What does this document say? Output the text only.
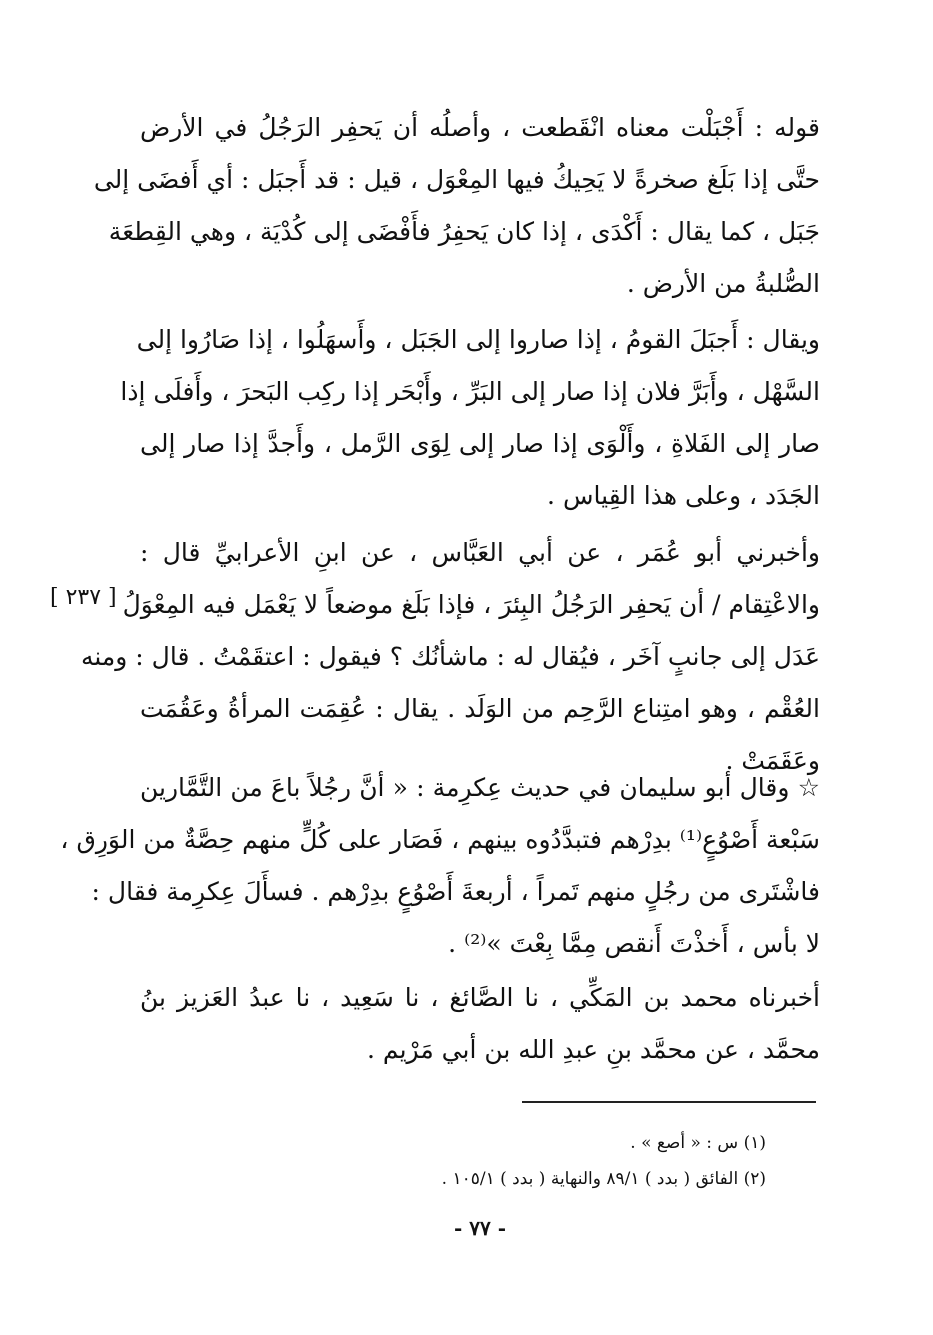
قوله : أَجْبَلْت معناه انْقَطعت ، وأصلُه أن يَحفِر الرَجُلُ في الأرض
حتَّى إذا بَلَغ صخرةً لا يَحِيكُ فيها المِعْوَل ، قيل : قد أَجبَل : أي أَفضَى إلى
جَبَل ، كما يقال : أَكْدَى ، إذا كان يَحفِرُ فأَفْضَى إلى كُدْيَة ، وهي القِطعَة
الصُّلبةُ من الأرض .
ويقال : أَجبَلَ القومُ ، إذا صاروا إلى الجَبَل ، وأَسهَلُوا ، إذا صَارُوا إلى
السَّهْل ، وأَبَرَّ فلان إذا صار إلى البَرِّ ، وأَبْحَر إذا ركِب البَحرَ ، وأَفلَى إذا
صار إلى الفَلاةِ ، وأَلْوَى إذا صار إلى لِوَى الرَّمل ، وأَجدَّ إذا صار إلى
الجَدَد ، وعلى هذا القِياس .
وأخبرني أبو عُمَر ، عن أبي العَبَّاس ، عن ابنِ الأعرابيِّ قال :
والاعْتِقام / أن يَحفِر الرَجُلُ البِئرَ ، فإذا بَلَغ موضعاً لا يَعْمَل فيه المِعْوَلُ
عَدَل إلى جانبٍ آخَر ، فيُقال له : ماشأنُك ؟ فيقول : اعتقَمْتُ . قال : ومنه
العُقْم ، وهو امتِناع الرَّحِم من الوَلَد . يقال : عُقِمَت المرأةُ وعَقُمَت
وعَقَمَتْ .
[ ٢٣٧ ]
☆ وقال أبو سليمان في حديث عِكرِمة : « أنَّ رجُلاً باعَ من التَّمَّارين
سَبْعة أَصْوُعٍ⁽¹⁾ بدِرْهم فتبدَّدُوه بينهم ، فَصَار على كُلٍّ منهم حِصَّةٌ من الوَرِق ،
فاشْتَرى من رجُلٍ منهم تَمراً ، أربعةَ أَصْوُعٍ بدِرْهم . فسأَلَ عِكرِمة فقال :
لا بأس ، أَخذْتَ أَنقص مِمَّا بِعْتَ »⁽²⁾ .
أخبرناه محمد بن المَكِّي ، نا الصَّائغ ، نا سَعِيد ، نا عبدُ العَزيز بنُ
محمَّد ، عن محمَّد بنِ عبدِ الله بن أبي مَرْيم .
(١) س : « أصع » .
(٢) الفائق ( بدد ) ٨٩/١ والنهاية ( بدد ) ١٠٥/١ .
- ٧٧ -
